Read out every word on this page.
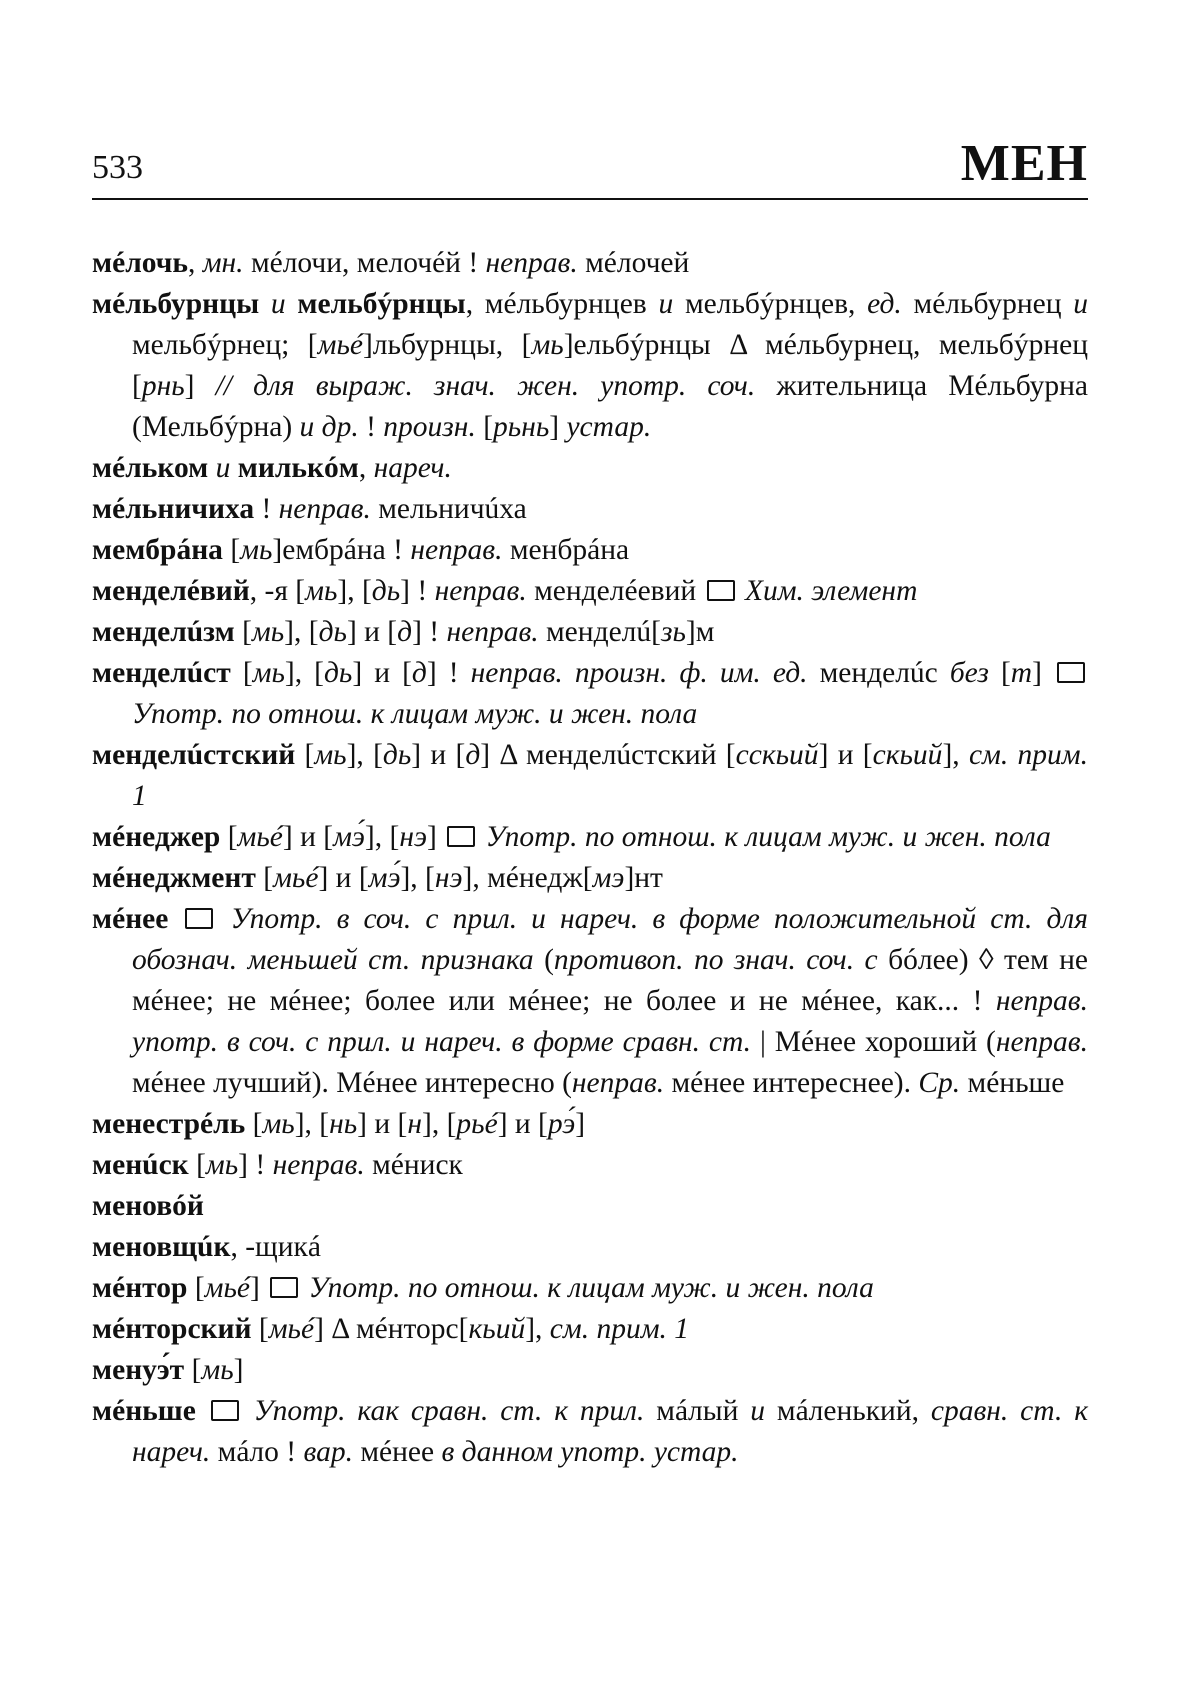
533	МЕН
мéлочь, мн. мéлочи, мелочéй ! неправ. мéлочей
мéльбурнцы и мельбýрнцы, мéльбурнцев и мельбýрнцев, ед. мéльбурнец и мельбýрнец; [мьé]льбурнцы, [мь]ельбýрнцы Δ мéльбурнец, мельбýрнец [рнь] // для выраж. знач. жен. употр. соч. жительница Мéльбурна (Мельбýрна) и др. ! произн. [рьнь] устар.
мéльком и милькóм, нареч.
мéльничиха ! неправ. мельничúха
мембрáна [мь]ембрáна ! неправ. менбрáна
менделéвий, -я [мь], [дь] ! неправ. менделéевий  Хим. элемент
менделúзм [мь], [дь] и [д] ! неправ. менделú[зь]м
менделúст [мь], [дь] и [д] ! неправ. произн. ф. им. ед. менделúс без [т]  Употр. по отнош. к лицам муж. и жен. пола
менделúстский [мь], [дь] и [д] Δ менделúстский [сскьий] и [скьий], см. прим. 1
мéнеджер [мьé] и [мэ́], [нэ]  Употр. по отнош. к лицам муж. и жен. пола
мéнеджмент [мьé] и [мэ́], [нэ], мéнедж[мэ]нт
мéнее Употр. в соч. с прил. и нареч. в форме положительной ст. для обознач. меньшей ст. признака (противоп. по знач. соч. с бóлее) ◊ тем не мéнее; не мéнее; более или мéнее; не более и не мéнее, как... ! неправ. употр. в соч. с прил. и нареч. в форме сравн. ст. | Мéнее хороший (неправ. мéнее лучший). Мéнее интересно (неправ. мéнее интереснее). Ср. мéньше
менестрéль [мь], [нь] и [н], [рьé] и [рэ́]
менúск [мь] ! неправ. мéниск
меновóй
меновщúк, -щикá
мéнтор [мьé]  Употр. по отнош. к лицам муж. и жен. пола
мéнторский [мьé] Δ мéнторс[кьий], см. прим. 1
менуэ́т [мь]
мéньше Употр. как сравн. ст. к прил. мáлый и мáленький, сравн. ст. к нареч. мáло ! вар. мéнее в данном употр. устар.
